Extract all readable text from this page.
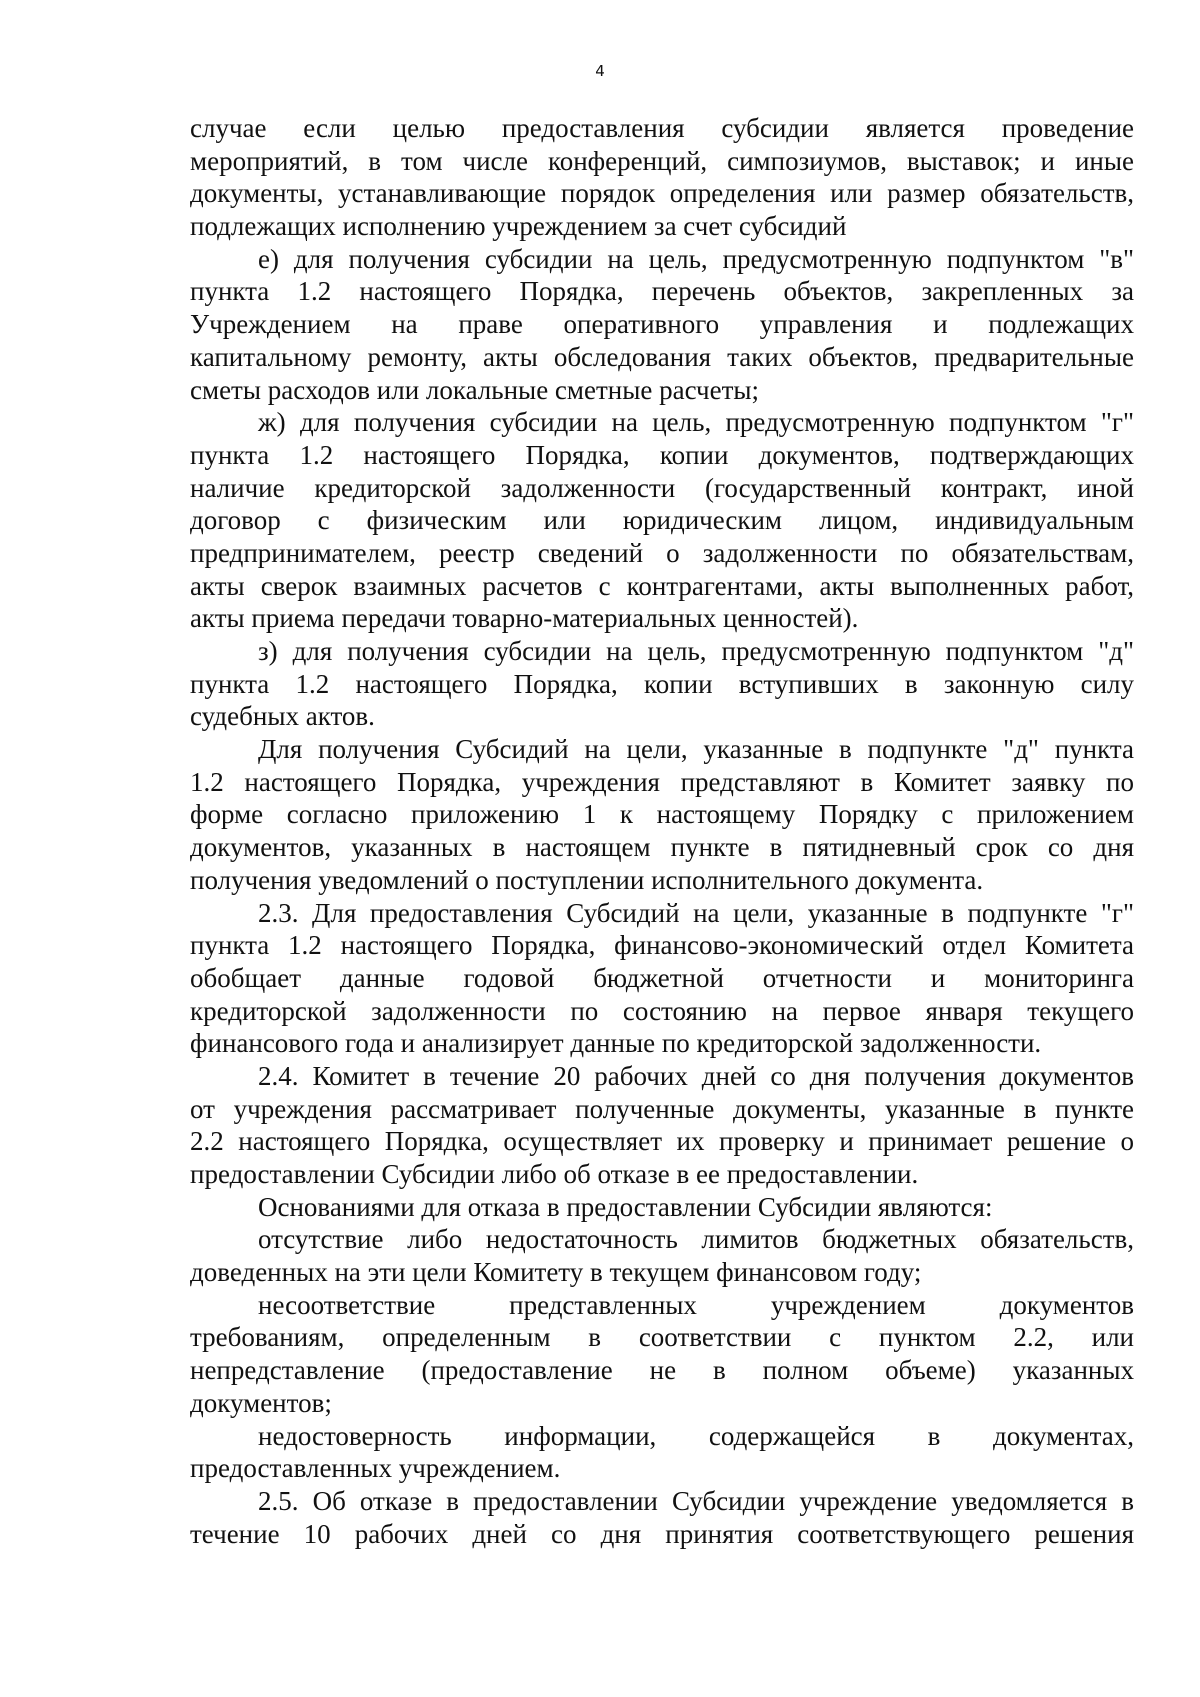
4
случае если целью предоставления субсидии является проведение
мероприятий, в том числе конференций, симпозиумов, выставок; и иные
документы, устанавливающие порядок определения или размер обязательств,
подлежащих исполнению учреждением за счет субсидий
е) для получения субсидии на цель, предусмотренную подпунктом "в"
пункта 1.2 настоящего Порядка, перечень объектов, закрепленных за
Учреждением на праве оперативного управления и подлежащих
капитальному ремонту, акты обследования таких объектов, предварительные
сметы расходов или локальные сметные расчеты;
ж) для получения субсидии на цель, предусмотренную подпунктом "г"
пункта 1.2 настоящего Порядка, копии документов, подтверждающих
наличие кредиторской задолженности (государственный контракт, иной
договор с физическим или юридическим лицом, индивидуальным
предпринимателем, реестр сведений о задолженности по обязательствам,
акты сверок взаимных расчетов с контрагентами, акты выполненных работ,
акты приема передачи товарно-материальных ценностей).
з) для получения субсидии на цель, предусмотренную подпунктом "д"
пункта 1.2 настоящего Порядка, копии вступивших в законную силу
судебных актов.
Для получения Субсидий на цели, указанные в подпункте "д" пункта
1.2 настоящего Порядка, учреждения представляют в Комитет заявку по
форме согласно приложению 1 к настоящему Порядку с приложением
документов, указанных в настоящем пункте в пятидневный срок со дня
получения уведомлений о поступлении исполнительного документа.
2.3. Для предоставления Субсидий на цели, указанные в подпункте "г"
пункта 1.2 настоящего Порядка, финансово-экономический отдел Комитета
обобщает данные годовой бюджетной отчетности и мониторинга
кредиторской задолженности по состоянию на первое января текущего
финансового года и анализирует данные по кредиторской задолженности.
2.4. Комитет в течение 20 рабочих дней со дня получения документов
от учреждения рассматривает полученные документы, указанные в пункте
2.2 настоящего Порядка, осуществляет их проверку и принимает решение о
предоставлении Субсидии либо об отказе в ее предоставлении.
Основаниями для отказа в предоставлении Субсидии являются:
отсутствие либо недостаточность лимитов бюджетных обязательств,
доведенных на эти цели Комитету в текущем финансовом году;
несоответствие представленных учреждением документов
требованиям, определенным в соответствии с пунктом 2.2, или
непредставление (предоставление не в полном объеме) указанных
документов;
недостоверность информации, содержащейся в документах,
предоставленных учреждением.
2.5. Об отказе в предоставлении Субсидии учреждение уведомляется в
течение 10 рабочих дней со дня принятия соответствующего решения
